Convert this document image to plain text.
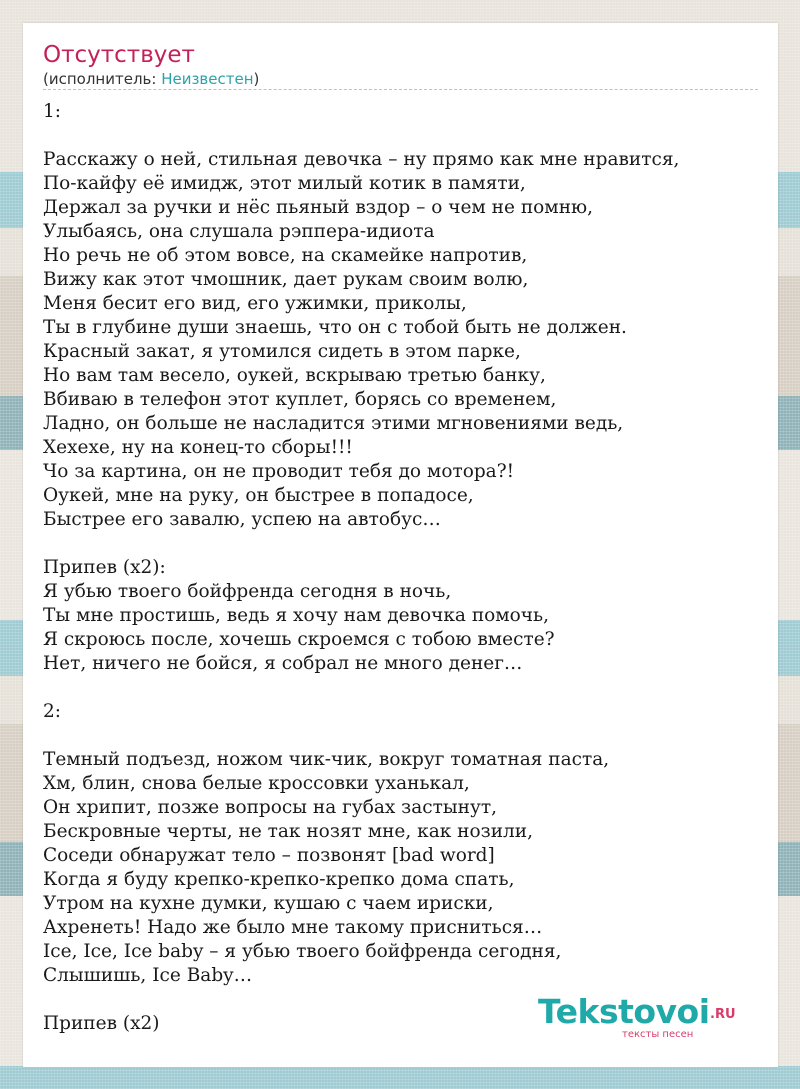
Отсутствует
(исполнитель: Неизвестен)
1:
Расскажу о ней, стильная девочка – ну прямо как мне нравится,
По-кайфу её имидж, этот милый котик в памяти,
Держал за ручки и нёс пьяный вздор – о чем не помню,
Улыбаясь, она слушала рэппера-идиота
Но речь не об этом вовсе, на скамейке напротив,
Вижу как этот чмошник, дает рукам своим волю,
Меня бесит его вид, его ужимки, приколы,
Ты в глубине души знаешь, что он с тобой быть не должен.
Красный закат, я утомился сидеть в этом парке,
Но вам там весело, оукей, вскрываю третью банку,
Вбиваю в телефон этот куплет, борясь со временем,
Ладно, он больше не насладится этими мгновениями ведь,
Хехехе, ну на конец-то сборы!!!
Чо за картина, он не проводит тебя до мотора?!
Оукей, мне на руку, он быстрее в попадосе,
Быстрее его завалю, успею на автобус…
Припев (x2):
Я убью твоего бойфренда сегодня в ночь,
Ты мне простишь, ведь я хочу нам девочка помочь,
Я скроюсь после, хочешь скроемся с тобою вместе?
Нет, ничего не бойся, я собрал не много денег…
2:
Темный подъезд, ножом чик-чик, вокруг томатная паста,
Хм, блин, снова белые кроссовки уханькал,
Он хрипит, позже вопросы на губах застынут,
Бескровные черты, не так нозят мне, как нозили,
Соседи обнаружат тело – позвонят [bad word]
Когда я буду крепко-крепко-крепко дома спать,
Утром на кухне думки, кушаю с чаем ириски,
Ахренеть! Надо же было мне такому присниться…
Ice, Ice, Ice baby – я убью твоего бойфренда сегодня,
Слышишь, Ice Baby…
Припев (x2)	Tekstovoi .RU
тексты песен
